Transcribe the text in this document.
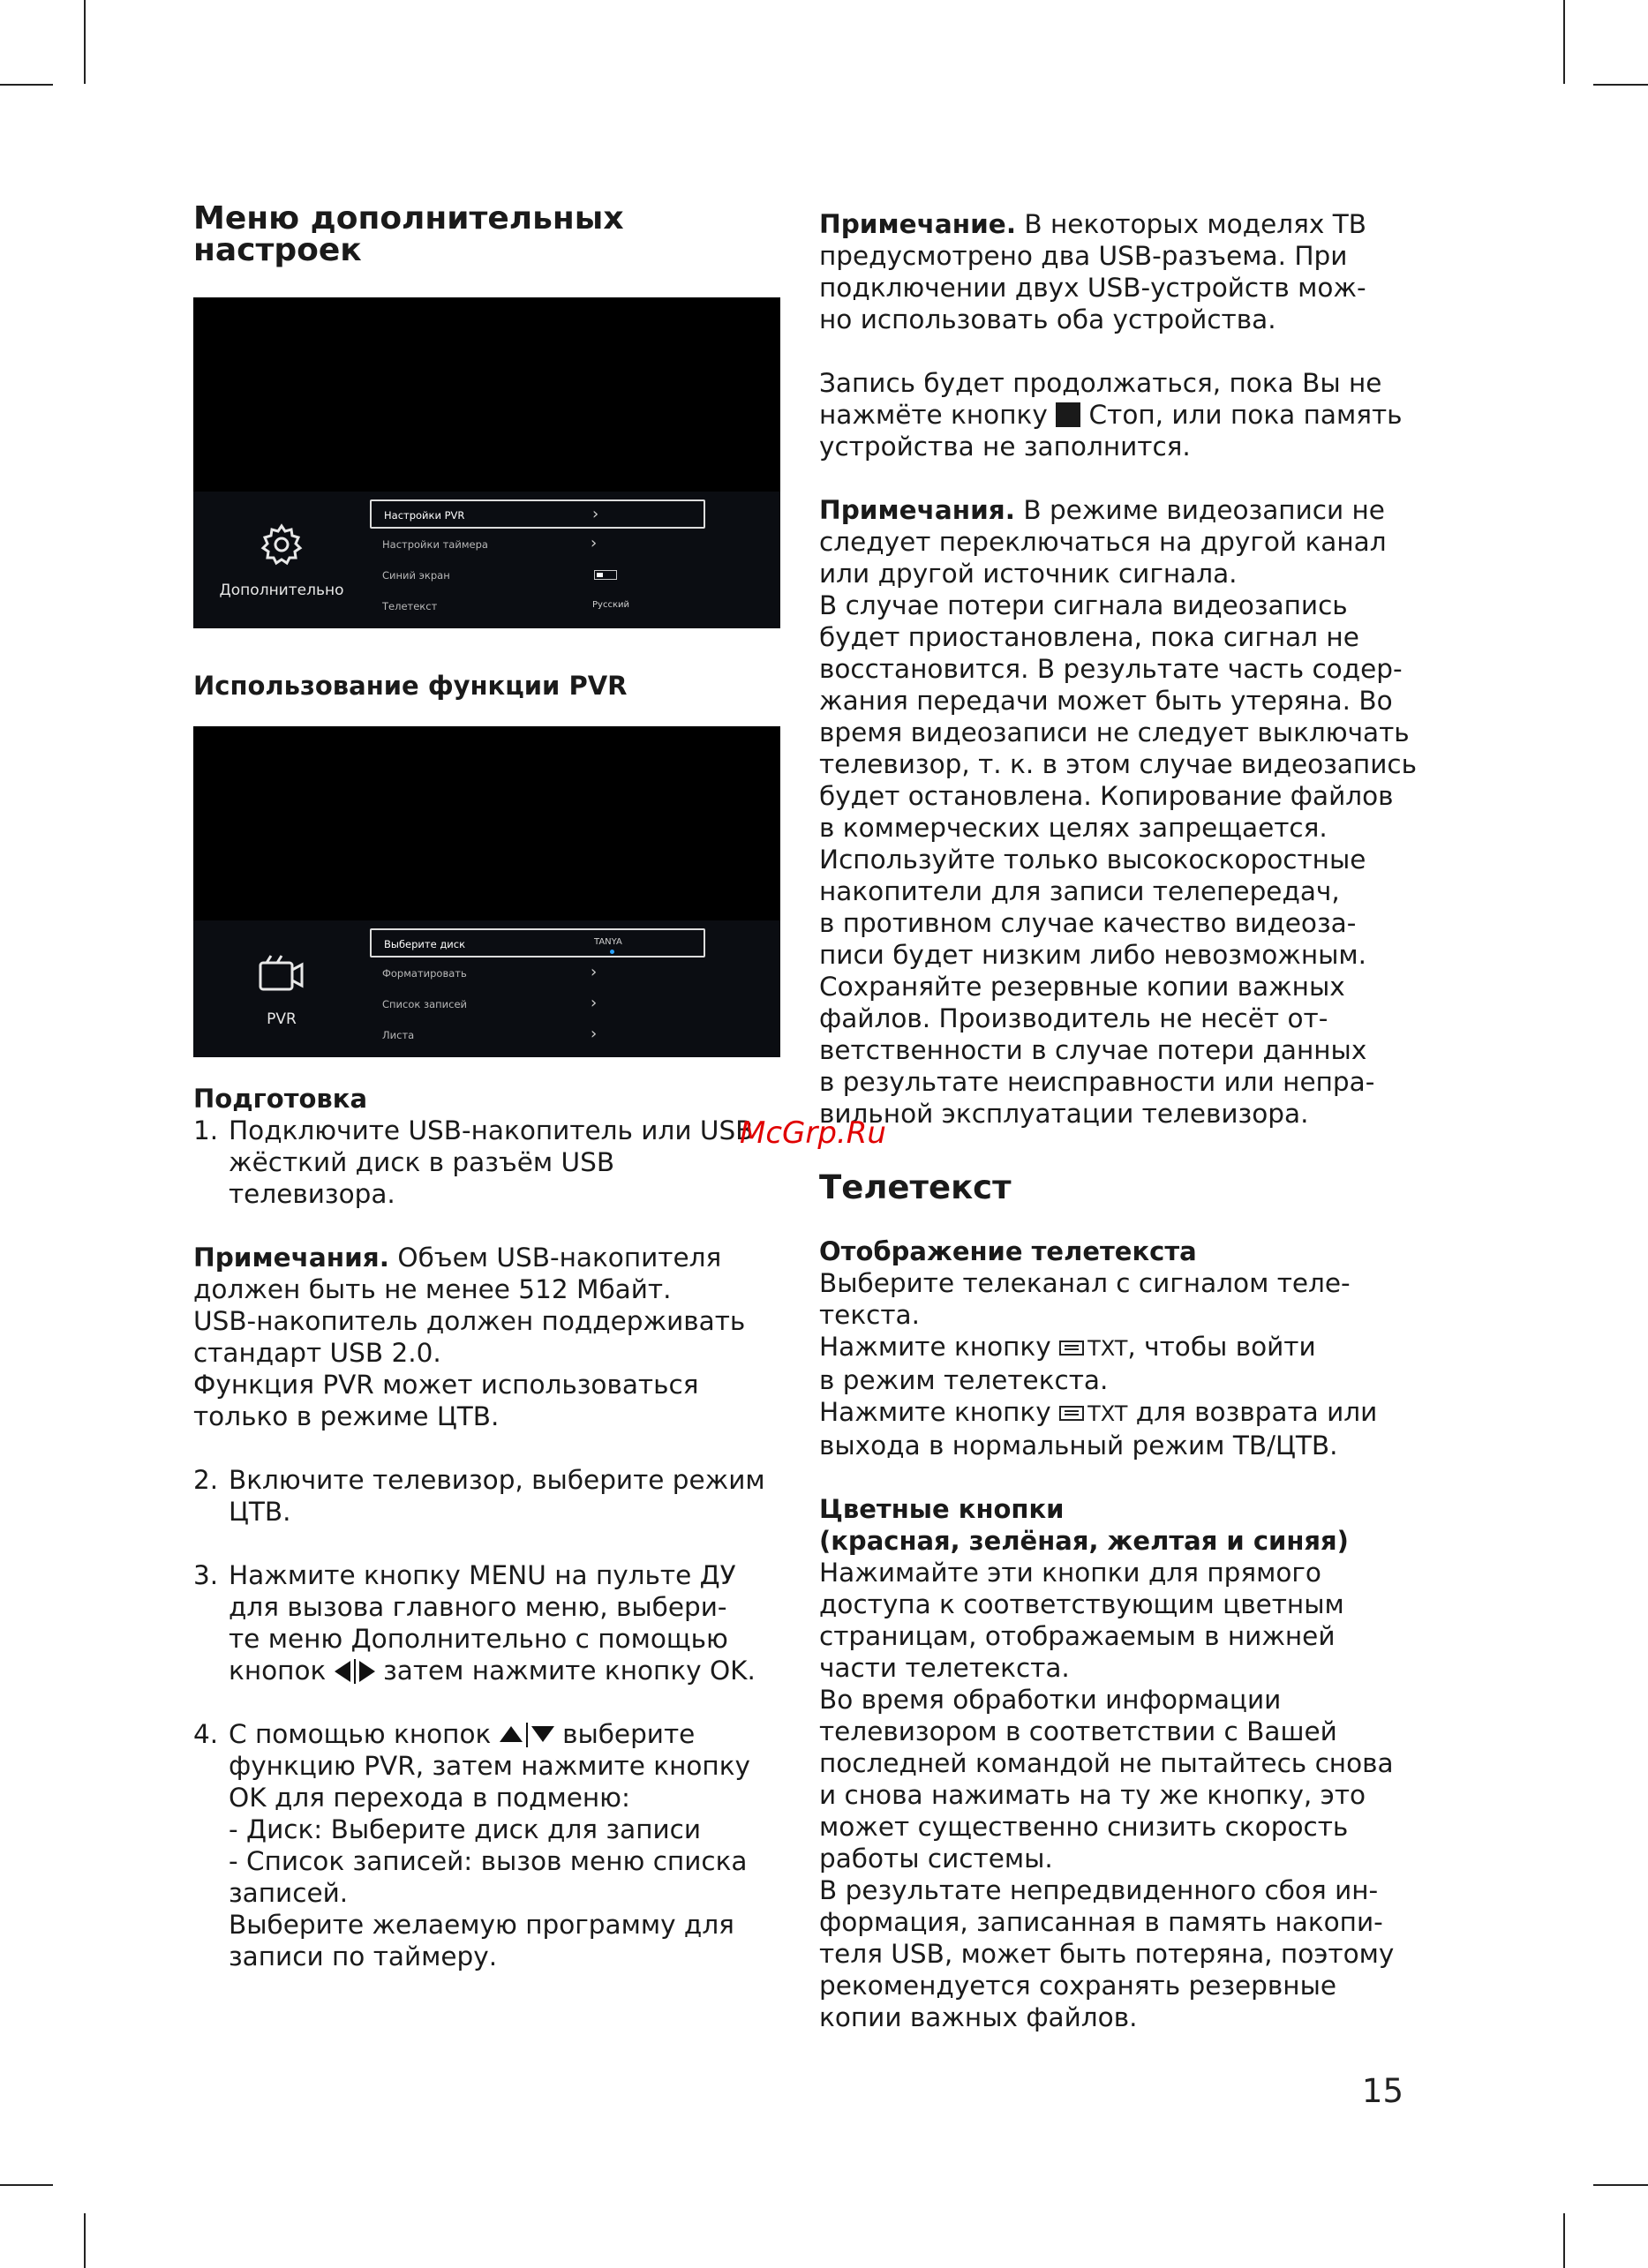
Меню дополнительных
настроек
Дополнительно
Настройки PVR	›
Настройки таймера	›
Синий экран
Телетекст	Русский
Использование функции PVR
PVR
Выберите диск	TANYA
Форматировать	›
Список записей	›
Листа	›
Подготовка
1. Подключите USB-накопитель или USB
жёсткий диск в разъём USB телевизора.

Примечания. Объем USB-накопителя
должен быть не менее 512 Мбайт.
USB-накопитель должен поддерживать
стандарт USB 2.0.
Функция PVR может использоваться
только в режиме ЦТВ.

2. Включите телевизор, выберите режим
ЦТВ.
3. Нажмите кнопку MENU на пульте ДУ
для вызова главного меню, выбери-
те меню Дополнительно с помощью
кнопок  затем нажмите кнопку OK.
4. С помощью кнопок  выберите
функцию PVR, затем нажмите кнопку
OK для перехода в подменю:
- Диск: Выберите диск для записи
- Список записей: вызов меню списка
записей.
Выберите желаемую программу для
записи по таймеру.

Примечание. В некоторых моделях ТВ
предусмотрено два USB-разъема. При
подключении двух USB-устройств мож-
но использовать оба устройства.

Запись будет продолжаться, пока Вы не
нажмёте кнопку  Стоп, или пока память
устройства не заполнится.

Примечания. В режиме видеозаписи не
следует переключаться на другой канал
или другой источник сигнала.
В случае потери сигнала видеозапись
будет приостановлена, пока сигнал не
восстановится. В результате часть содер-
жания передачи может быть утеряна. Во
время видеозаписи не следует выключать
телевизор, т. к. в этом случае видеозапись
будет остановлена. Копирование файлов
в коммерческих целях запрещается.
Используйте только высокоскоростные
накопители для записи телепередач,
в противном случае качество видеоза-
писи будет низким либо невозможным.
Сохраняйте резервные копии важных
файлов. Производитель не несёт от-
ветственности в случае потери данных
в результате неисправности или непра-
вильной эксплуатации телевизора.

Телетекст
Отображение телетекста

Выберите телеканал с сигналом теле-
текста.
Нажмите кнопку TXT, чтобы войти
в режим телетекста.
Нажмите кнопку TXT для возврата или
выхода в нормальный режим ТВ/ЦТВ.

Цветные кнопки
(красная, зелёная, желтая и синяя)

Нажимайте эти кнопки для прямого
доступа к соответствующим цветным
страницам, отображаемым в нижней
части телетекста.
Во время обработки информации
телевизором в соответствии с Вашей
последней командой не пытайтесь снова
и снова нажимать на ту же кнопку, это
может существенно снизить скорость
работы системы.
В результате непредвиденного сбоя ин-
формация, записанная в память накопи-
теля USB, может быть потеряна, поэтому
рекомендуется сохранять резервные
копии важных файлов.

McGrp.Ru
15
